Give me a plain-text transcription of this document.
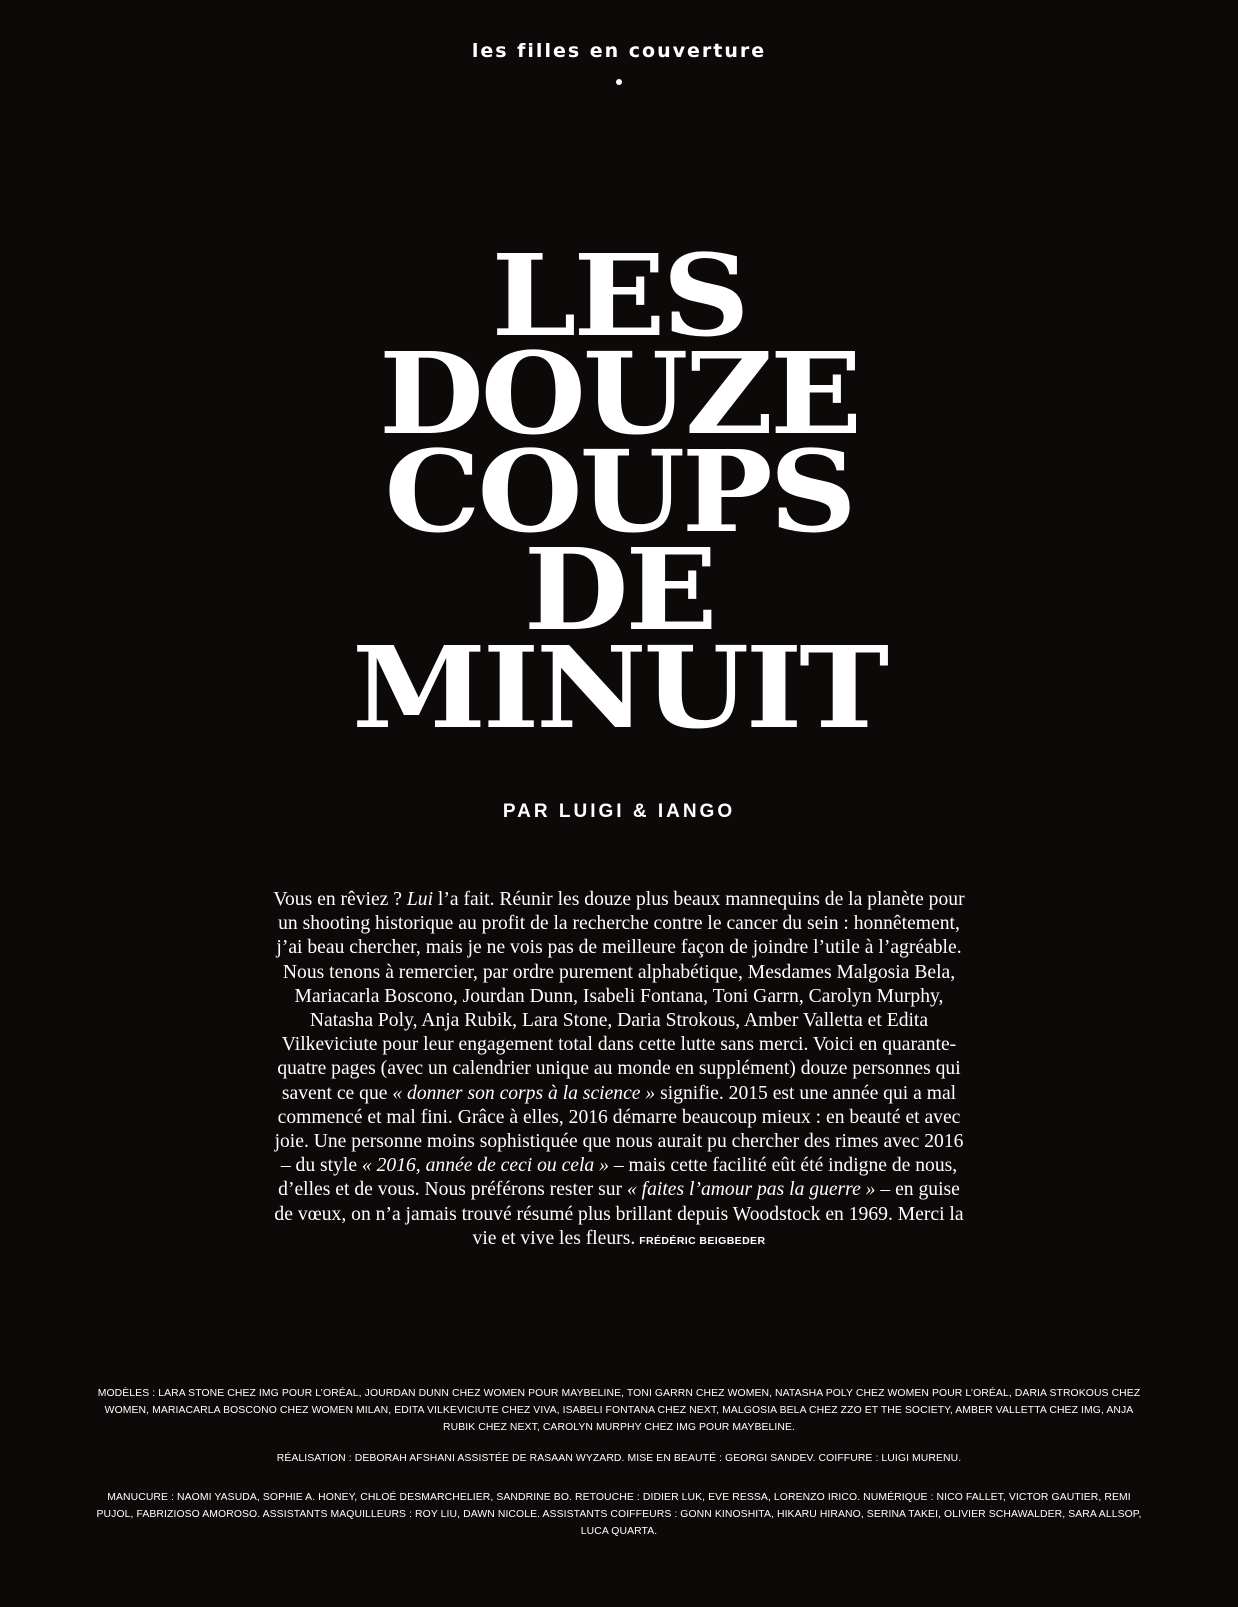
les filles en couverture
LES
DOUZE
COUPS
DE
MINUIT
PAR LUIGI & IANGO
Vous en rêviez ? Lui l’a fait. Réunir les douze plus beaux mannequins de la planète pour un shooting historique au profit de la recherche contre le cancer du sein : honnêtement, j’ai beau chercher, mais je ne vois pas de meilleure façon de joindre l’utile à l’agréable. Nous tenons à remercier, par ordre purement alphabétique, Mesdames Malgosia Bela, Mariacarla Boscono, Jourdan Dunn, Isabeli Fontana, Toni Garrn, Carolyn Murphy, Natasha Poly, Anja Rubik, Lara Stone, Daria Strokous, Amber Valletta et Edita Vilkeviciute pour leur engagement total dans cette lutte sans merci. Voici en quarante-quatre pages (avec un calendrier unique au monde en supplément) douze personnes qui savent ce que « donner son corps à la science » signifie. 2015 est une année qui a mal commencé et mal fini. Grâce à elles, 2016 démarre beaucoup mieux : en beauté et avec joie. Une personne moins sophistiquée que nous aurait pu chercher des rimes avec 2016 – du style « 2016, année de ceci ou cela » – mais cette facilité eût été indigne de nous, d’elles et de vous. Nous préférons rester sur « faites l’amour pas la guerre » – en guise de vœux, on n’a jamais trouvé résumé plus brillant depuis Woodstock en 1969. Merci la vie et vive les fleurs. FRÉDÉRIC BEIGBEDER
MODÈLES : LARA STONE CHEZ IMG POUR L’ORÉAL, JOURDAN DUNN CHEZ WOMEN POUR MAYBELINE, TONI GARRN CHEZ WOMEN, NATASHA POLY CHEZ WOMEN POUR L’ORÉAL, DARIA STROKOUS CHEZ WOMEN, MARIACARLA BOSCONO CHEZ WOMEN MILAN, EDITA VILKEVICIUTE CHEZ VIVA, ISABELI FONTANA CHEZ NEXT, MALGOSIA BELA CHEZ ZZO ET THE SOCIETY, AMBER VALLETTA CHEZ IMG, ANJA RUBIK CHEZ NEXT, CAROLYN MURPHY CHEZ IMG POUR MAYBELINE.
RÉALISATION : DEBORAH AFSHANI ASSISTÉE DE RASAAN WYZARD. MISE EN BEAUTÉ : GEORGI SANDEV. COIFFURE : LUIGI MURENU.
MANUCURE : NAOMI YASUDA, SOPHIE A. HONEY, CHLOÉ DESMARCHELIER, SANDRINE BO. RETOUCHE : DIDIER LUK, EVE RESSA, LORENZO IRICO. NUMÉRIQUE : NICO FALLET, VICTOR GAUTIER, REMI PUJOL, FABRIZIOSO AMOROSO. ASSISTANTS MAQUILLEURS : ROY LIU, DAWN NICOLE. ASSISTANTS COIFFEURS : GONN KINOSHITA, HIKARU HIRANO, SERINA TAKEI, OLIVIER SCHAWALDER, SARA ALLSOP, LUCA QUARTA.
